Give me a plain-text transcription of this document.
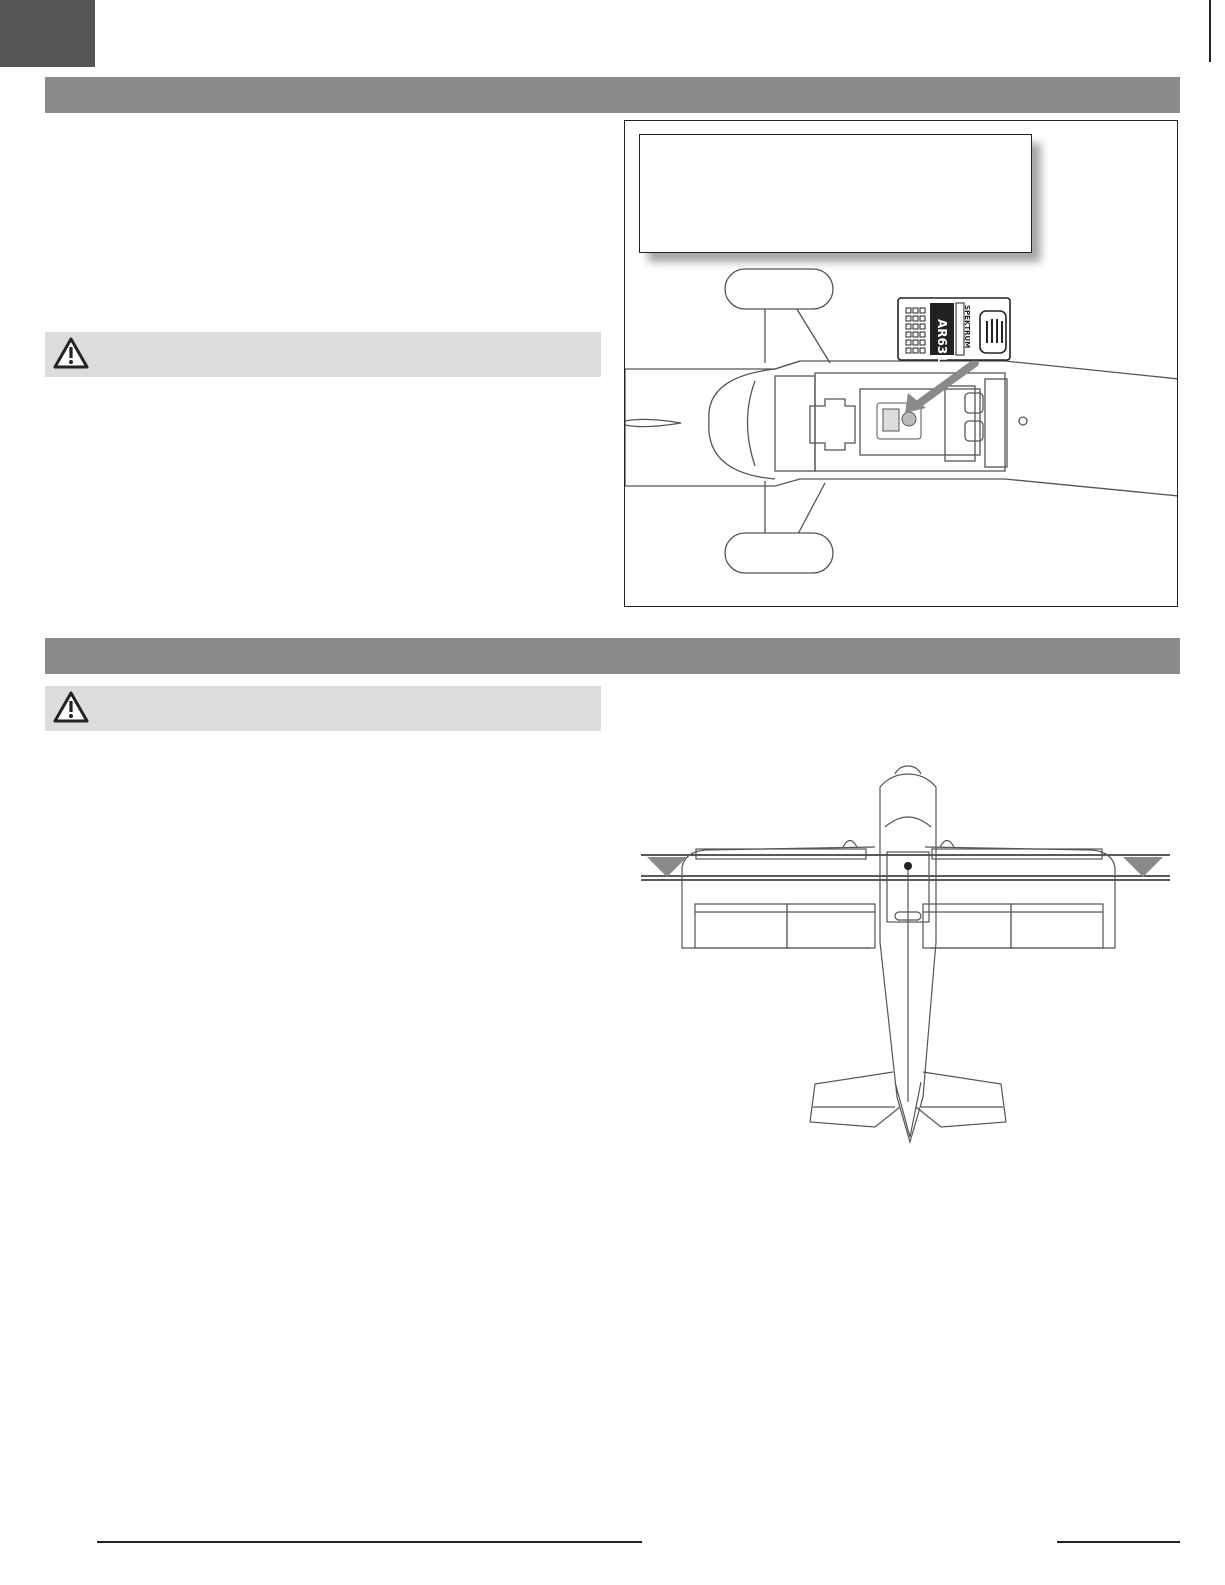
AR631+ SPEKTRUM
BeFlySM 2
